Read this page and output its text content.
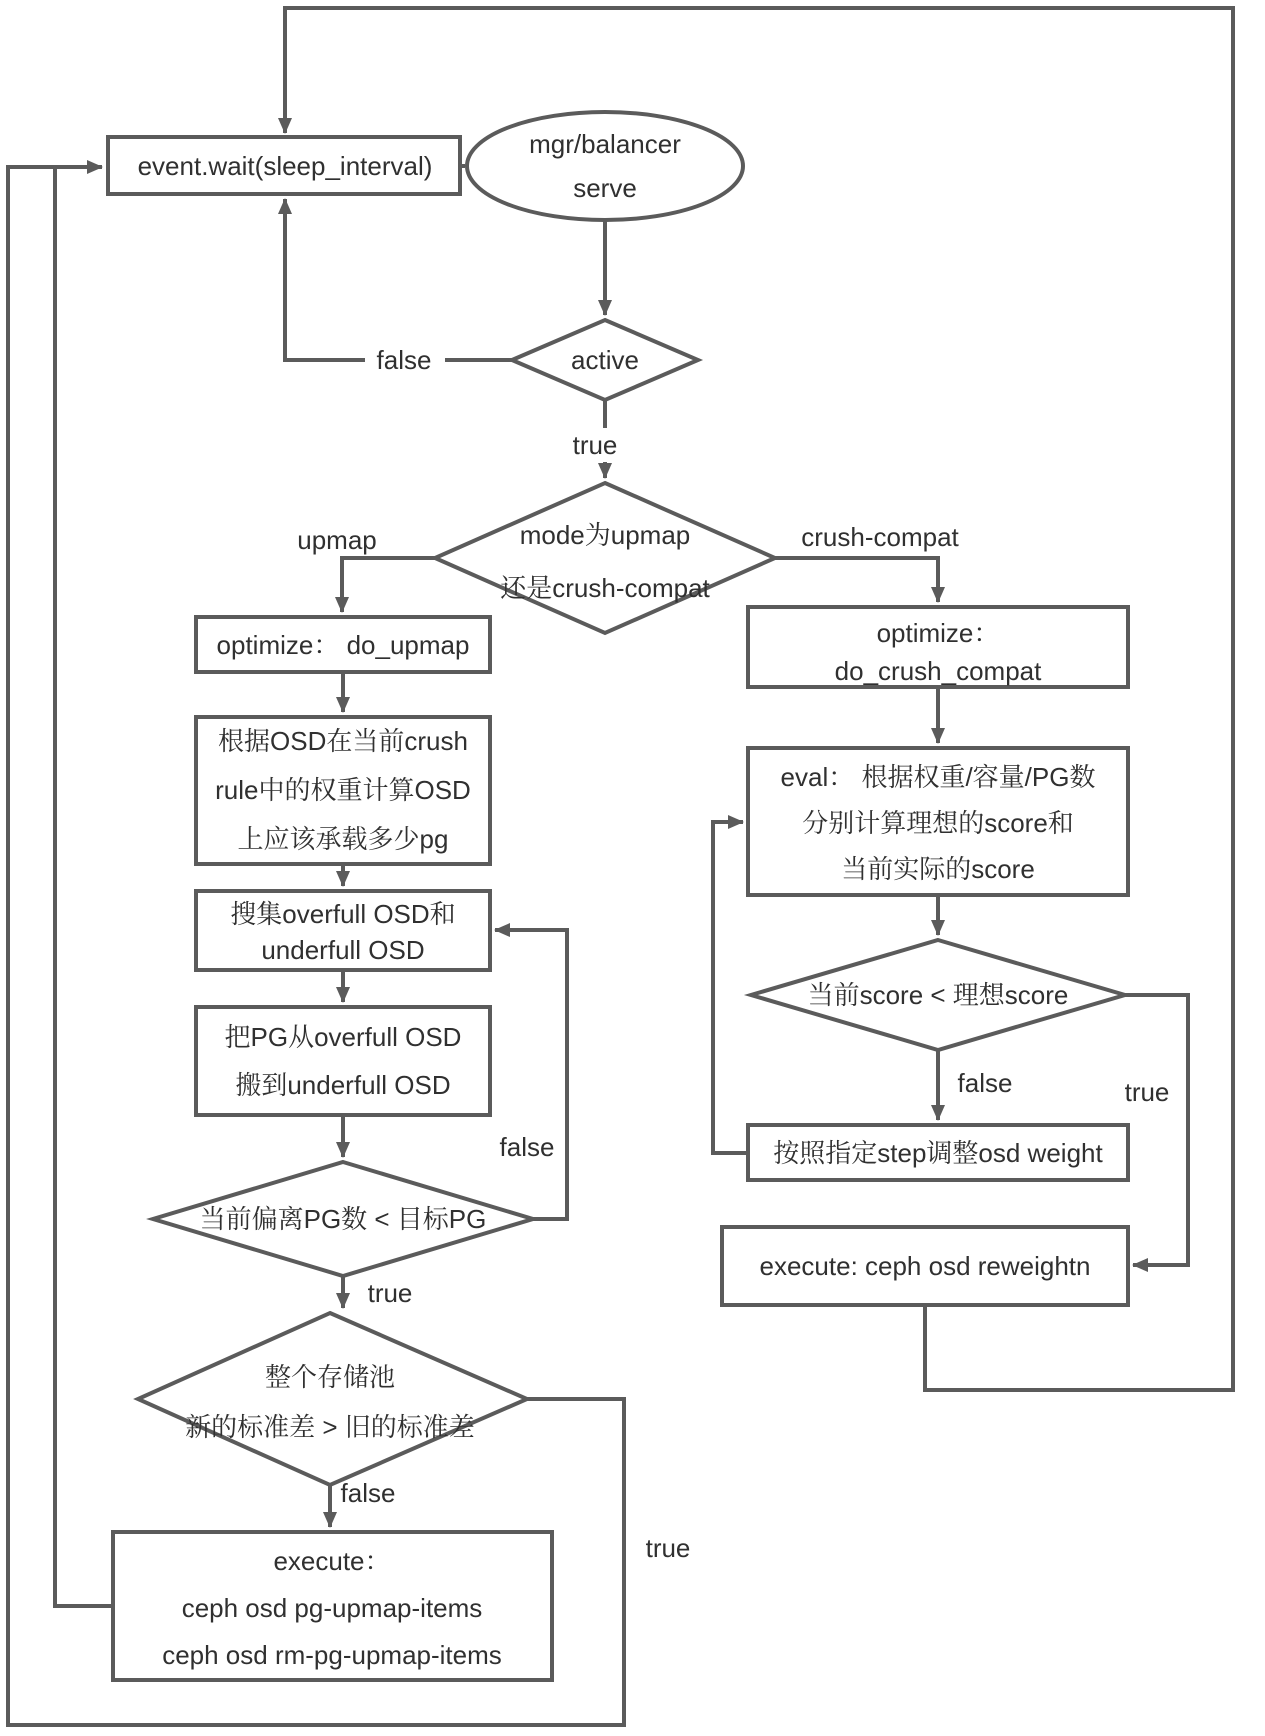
event.wait(sleep_interval)
mgr/balancer
serve
active
mode为upmap
还是crush-compat
optimize： do_upmap
根据OSD在当前crush
rule中的权重计算OSD
上应该承载多少pg
搜集overfull OSD和
underfull OSD
把PG从overfull OSD
搬到underfull OSD
当前偏离PG数 < 目标PG
整个存储池
新的标准差 > 旧的标准差
execute：
ceph osd pg-upmap-items
ceph osd rm-pg-upmap-items
optimize：
do_crush_compat
eval： 根据权重/容量/PG数
分别计算理想的score和
当前实际的score
当前score < 理想score
按照指定step调整osd weight
execute: ceph osd reweightn
false
true
upmap	crush-compat
false
true
false
true
false	true
